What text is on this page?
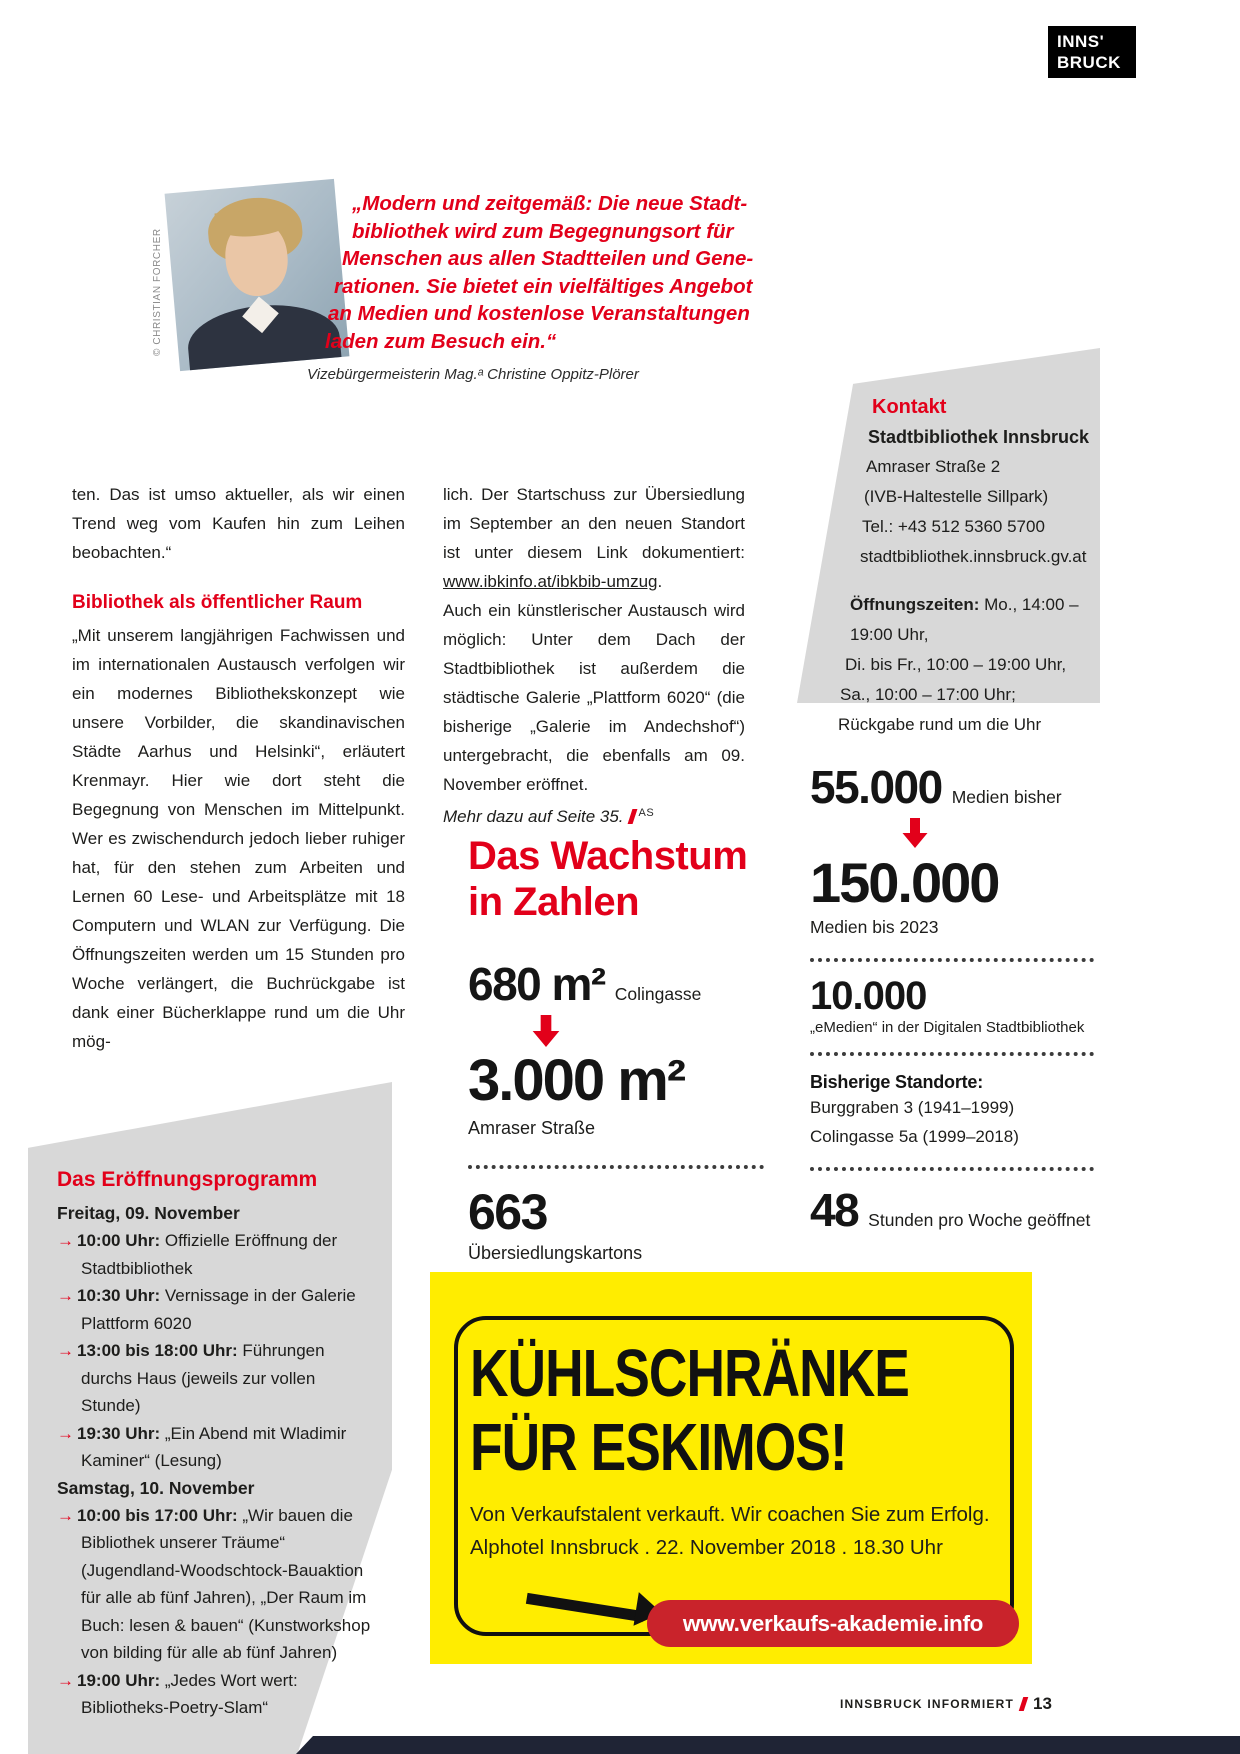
INNS'
BRUCK
© CHRISTIAN FORCHER
„Modern und zeitgemäß: Die neue Stadt-
bibliothek wird zum Begegnungsort für
Menschen aus allen Stadtteilen und Gene-
rationen. Sie bietet ein vielfältiges Angebot
an Medien und kostenlose Veranstaltungen
laden zum Besuch ein.“
Vizebürgermeisterin Mag.ᵃ Christine Oppitz-Plörer

ten. Das ist umso aktueller, als wir einen Trend weg vom Kaufen hin zum Leihen beobachten.“

Bibliothek als öffentlicher Raum

„Mit unserem langjährigen Fachwissen und im internationalen Austausch verfolgen wir ein modernes Bibliothekskonzept wie unsere Vorbilder, die skandinavischen Städte Aarhus und Helsinki“, erläutert Krenmayr. Hier wie dort steht die Begegnung von Menschen im Mittelpunkt. Wer es zwischendurch jedoch lieber ruhiger hat, für den stehen zum Arbeiten und Lernen 60 Lese- und Arbeitsplätze mit 18 Computern und WLAN zur Verfügung. Die Öffnungszeiten werden um 15 Stunden pro Woche verlängert, die Buchrückgabe ist dank einer Bücherklappe rund um die Uhr mög-

lich. Der Startschuss zur Übersiedlung im September an den neuen Standort ist unter diesem Link dokumentiert: www.ibkinfo.at/ibkbib-umzug.

Auch ein künstlerischer Austausch wird möglich: Unter dem Dach der Stadtbibliothek ist außerdem die städtische Galerie „Plattform 6020“ (die bisherige „Galerie im Andechshof“) untergebracht, die ebenfalls am 09. November eröffnet.

Mehr dazu auf Seite 35. $^{AS}$

Das Wachstum
in Zahlen
680 m² Colingasse
3.000 m²
Amraser Straße
663
Übersiedlungskartons
Kontakt
Stadtbibliothek Innsbruck
Amraser Straße 2
(IVB-Haltestelle Sillpark)
Tel.: +43 512 5360 5700
stadtbibliothek.innsbruck.gv.at
Öffnungszeiten: Mo., 14:00 – 19:00 Uhr,
Di. bis Fr., 10:00 – 19:00 Uhr,
Sa., 10:00 – 17:00 Uhr;
Rückgabe rund um die Uhr
55.000 Medien bisher
150.000
Medien bis 2023
10.000
„eMedien“ in der Digitalen Stadtbibliothek
Bisherige Standorte:
Burggraben 3 (1941–1999)
Colingasse 5a (1999–2018)
48 Stunden pro Woche geöffnet
Das Eröffnungsprogramm
Freitag, 09. November
→ 10:00 Uhr: Offizielle Eröffnung der Stadtbibliothek
→ 10:30 Uhr: Vernissage in der Galerie Plattform 6020
→ 13:00 bis 18:00 Uhr: Führungen durchs Haus (jeweils zur vollen Stunde)
→ 19:30 Uhr: „Ein Abend mit Wladimir Kaminer“ (Lesung)
Samstag, 10. November
→ 10:00 bis 17:00 Uhr: „Wir bauen die Bibliothek unserer Träume“ (Jugendland-Woodschtock-Bauaktion für alle ab fünf Jahren), „Der Raum im Buch: lesen & bauen“ (Kunstworkshop von bilding für alle ab fünf Jahren)
→ 19:00 Uhr: „Jedes Wort wert: Bibliotheks-Poetry-Slam“
KÜHLSCHRÄNKE
FÜR ESKIMOS!
Von Verkaufstalent verkauft. Wir coachen Sie zum Erfolg.
Alphotel Innsbruck . 22. November 2018 . 18.30 Uhr
www.verkaufs-akademie.info
INNSBRUCK INFORMIERT 13
